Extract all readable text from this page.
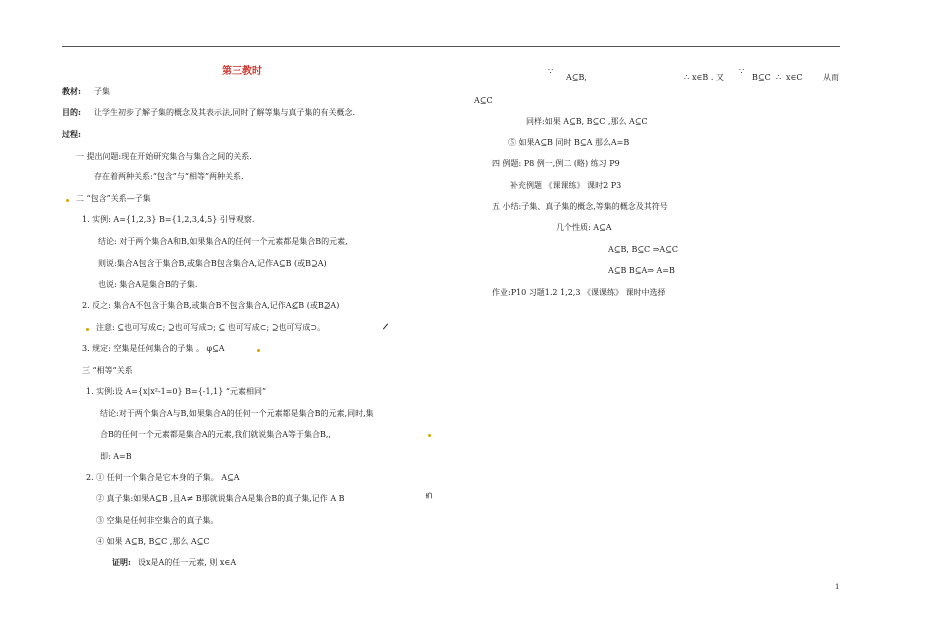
第三教时
教材: 子集
目的: 让学生初步了解子集的概念及其表示法,同时了解等集与真子集的有关概念.
过程:
一 提出问题:现在开始研究集合与集合之间的关系.
存在着两种关系:“包含”与“相等”两种关系.
二 “包含”关系—子集
1. 实例: A={1,2,3} B={1,2,3,4,5} 引导观察.
结论: 对于两个集合A和B,如果集合A的任何一个元素都是集合B的元素,
则说:集合A包含于集合B,或集合B包含集合A,记作A⊆B (或B⊇A)
也说: 集合A是集合B的子集.
2. 反之: 集合A不包含于集合B,或集合B不包含集合A,记作A⊈B (或B⊉A)
注意: ⊆也可写成⊂; ⊇也可写成⊃; ⊆ 也可写成⊂; ⊇也可写成⊃。
3. 规定: 空集是任何集合的子集 。 φ⊆A
三 “相等”关系
1. 实例:设 A={x|x²-1=0} B={-1,1} “元素相同”
结论:对于两个集合A与B,如果集合A的任何一个元素都是集合B的元素,同时,集
合B的任何一个元素都是集合A的元素,我们就说集合A等于集合B,,
即: A=B
2. ① 任何一个集合是它本身的子集。 A⊆A
② 真子集:如果A⊆B ,且A≠ B那就说集合A是集合B的真子集,记作 A B	⊊
③ 空集是任何非空集合的真子集。
④ 如果 A⊆B, B⊆C ,那么 A⊆C
证明: 设x是A的任一元素, 则 x∈A
∵
A⊆B,	∴ x∈B . 又
∵
B⊆C ∴ x∈C	从而
A⊆C
同样:如果 A⊆B, B⊆C ,那么 A⊆C
⑤ 如果A⊆B 同时 B⊆A 那么A=B
四 例题: P8 例一,例二 (略) 练习 P9
补充例题 《课课练》 课时2 P3
五 小结:子集、真子集的概念,等集的概念及其符号
几个性质: A⊆A
A⊆B, B⊆C ⇒A⊆C
A⊆B B⊆A⇒ A=B
作业:P10 习题1.2 1,2,3 《课课练》 课时中选择
1
